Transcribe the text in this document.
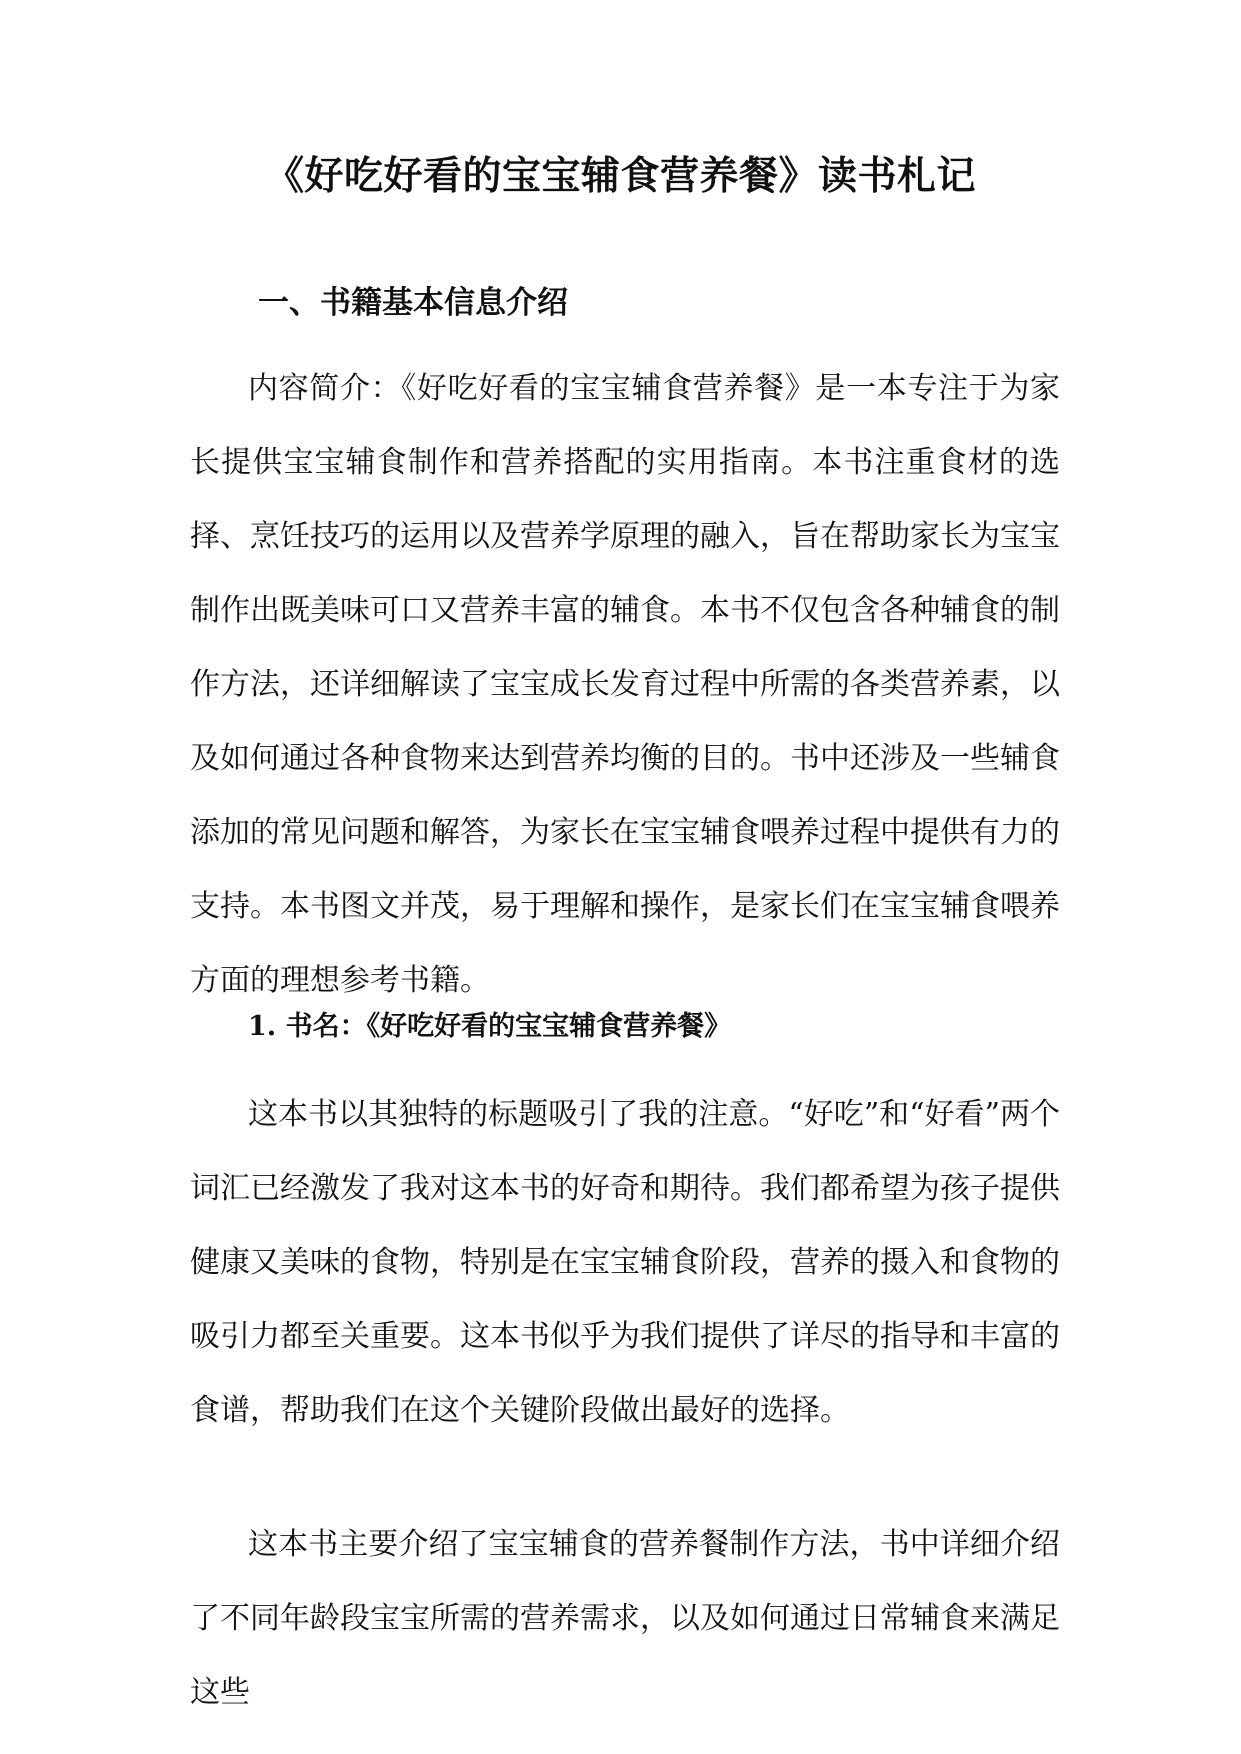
《好吃好看的宝宝辅食营养餐》读书札记
一、书籍基本信息介绍

内容简介：《好吃好看的宝宝辅食营养餐》是一本专注于为家长提供宝宝辅食制作和营养搭配的实用指南。本书注重食材的选择、烹饪技巧的运用以及营养学原理的融入，旨在帮助家长为宝宝制作出既美味可口又营养丰富的辅食。本书不仅包含各种辅食的制作方法，还详细解读了宝宝成长发育过程中所需的各类营养素，以及如何通过各种食物来达到营养均衡的目的。书中还涉及一些辅食添加的常见问题和解答，为家长在宝宝辅食喂养过程中提供有力的支持。本书图文并茂，易于理解和操作，是家长们在宝宝辅食喂养方面的理想参考书籍。

1. 书名：《好吃好看的宝宝辅食营养餐》

这本书以其独特的标题吸引了我的注意。“好吃”和“好看”两个词汇已经激发了我对这本书的好奇和期待。我们都希望为孩子提供健康又美味的食物，特别是在宝宝辅食阶段，营养的摄入和食物的吸引力都至关重要。这本书似乎为我们提供了详尽的指导和丰富的食谱，帮助我们在这个关键阶段做出最好的选择。

这本书主要介绍了宝宝辅食的营养餐制作方法，书中详细介绍了不同年龄段宝宝所需的营养需求，以及如何通过日常辅食来满足这些
